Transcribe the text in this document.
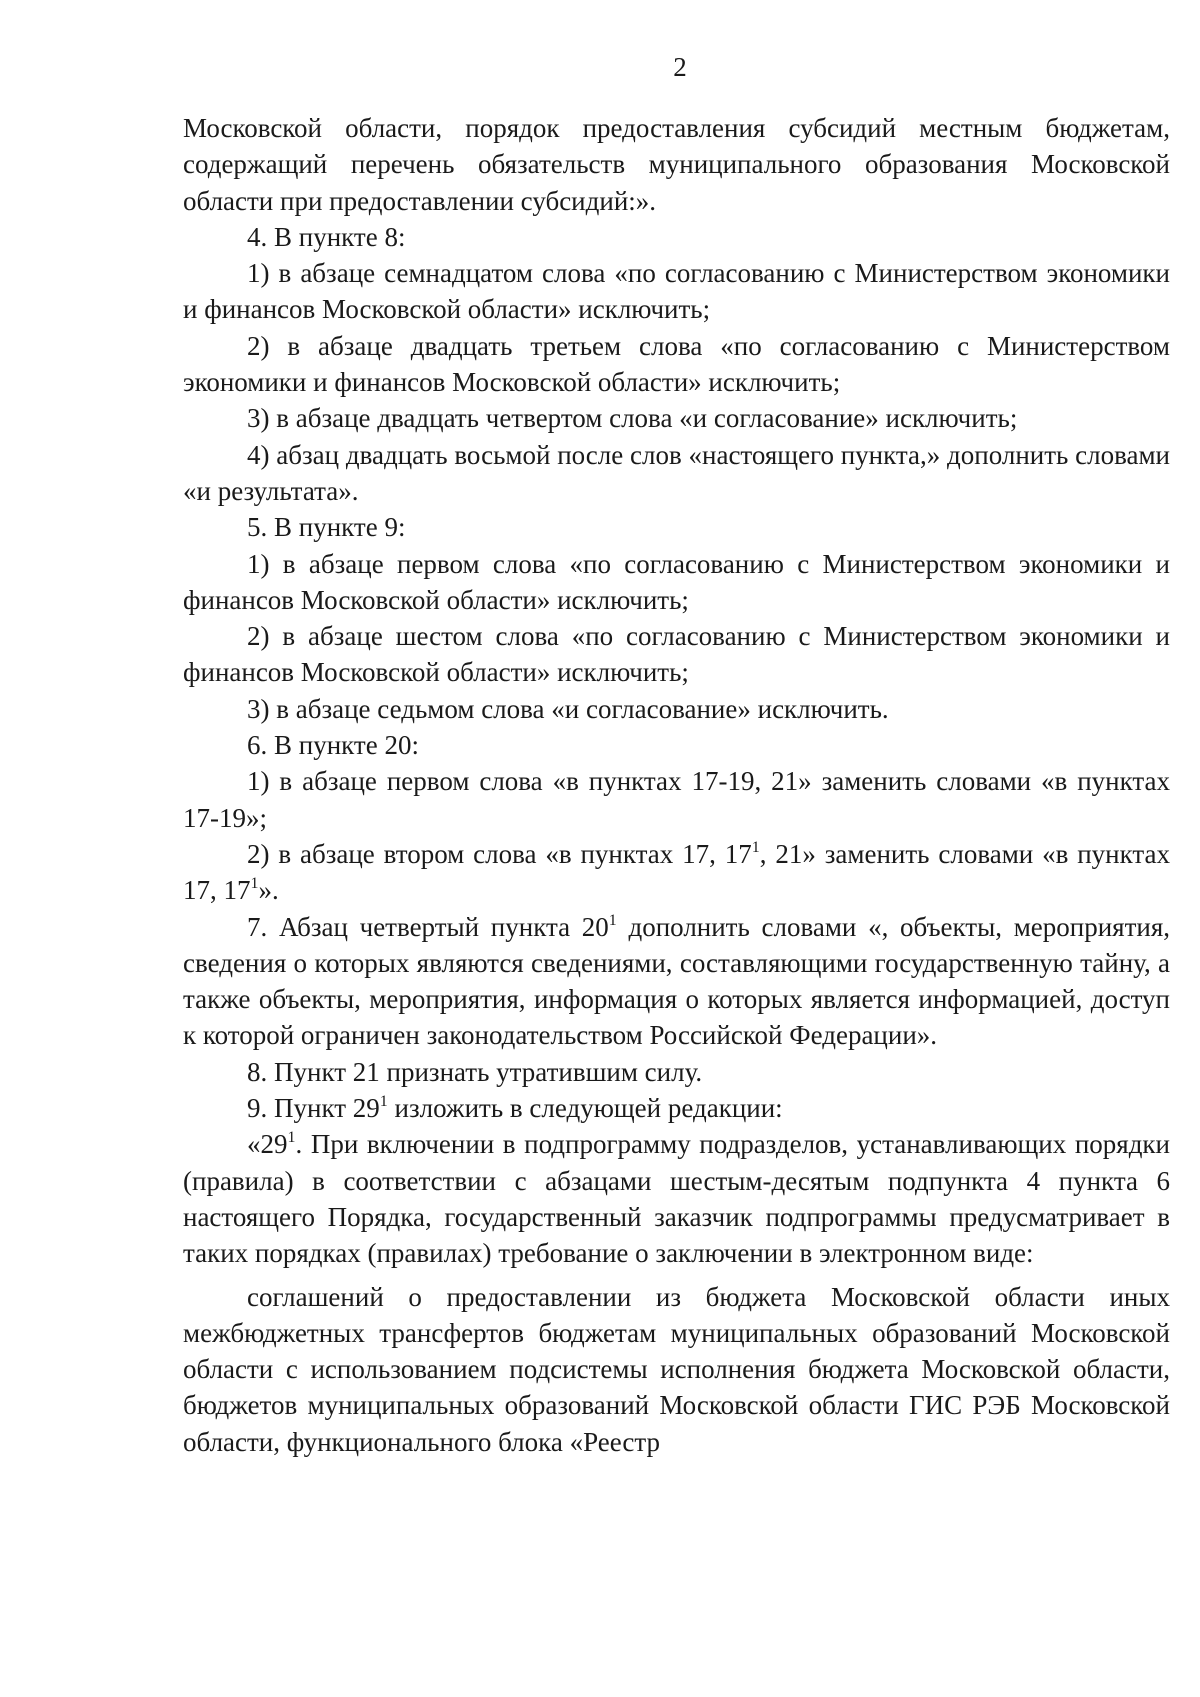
2

Московской области, порядок предоставления субсидий местным бюджетам, содержащий перечень обязательств муниципального образования Московской области при предоставлении субсидий:».

4. В пункте 8:

1) в абзаце семнадцатом слова «по согласованию с Министерством экономики и финансов Московской области» исключить;

2) в абзаце двадцать третьем слова «по согласованию с Министерством экономики и финансов Московской области» исключить;

3) в абзаце двадцать четвертом слова «и согласование» исключить;

4) абзац двадцать восьмой после слов «настоящего пункта,» дополнить словами «и результата».

5. В пункте 9:

1) в абзаце первом слова «по согласованию с Министерством экономики и финансов Московской области» исключить;

2) в абзаце шестом слова «по согласованию с Министерством экономики и финансов Московской области» исключить;

3) в абзаце седьмом слова «и согласование» исключить.

6. В пункте 20:

1) в абзаце первом слова «в пунктах 17-19, 21» заменить словами «в пунктах 17-19»;

2) в абзаце втором слова «в пунктах 17, $17^1$, 21» заменить словами «в пунктах 17, $17^1$».

7. Абзац четвертый пункта $20^1$ дополнить словами «, объекты, мероприятия, сведения о которых являются сведениями, составляющими государственную тайну, а также объекты, мероприятия, информация о которых является информацией, доступ к которой ограничен законодательством Российской Федерации».

8. Пункт 21 признать утратившим силу.

9. Пункт $29^1$ изложить в следующей редакции:

«$29^1$. При включении в подпрограмму подразделов, устанавливающих порядки (правила) в соответствии с абзацами шестым-десятым подпункта 4 пункта 6 настоящего Порядка, государственный заказчик подпрограммы предусматривает в таких порядках (правилах) требование о заключении в электронном виде:

соглашений о предоставлении из бюджета Московской области иных межбюджетных трансфертов бюджетам муниципальных образований Московской области с использованием подсистемы исполнения бюджета Московской области, бюджетов муниципальных образований Московской области ГИС РЭБ Московской области, функционального блока «Реестр
